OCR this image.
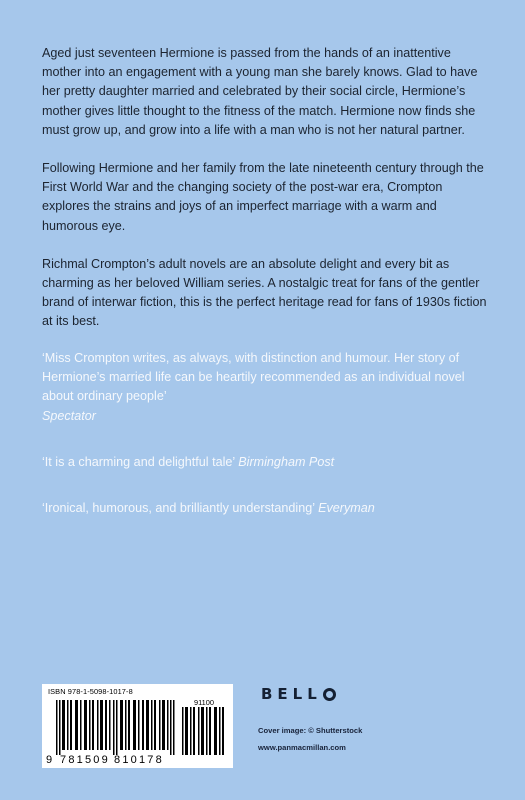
Aged just seventeen Hermione is passed from the hands of an inattentive mother into an engagement with a young man she barely knows. Glad to have her pretty daughter married and celebrated by their social circle, Hermione’s mother gives little thought to the fitness of the match. Hermione now finds she must grow up, and grow into a life with a man who is not her natural partner.

Following Hermione and her family from the late nineteenth century through the First World War and the changing society of the post-war era, Crompton explores the strains and joys of an imperfect marriage with a warm and humorous eye.

Richmal Crompton’s adult novels are an absolute delight and every bit as charming as her beloved William series. A nostalgic treat for fans of the gentler brand of interwar fiction, this is the perfect heritage read for fans of 1930s fiction at its best.

‘Miss Crompton writes, as always, with distinction and humour. Her story of Hermione’s married life can be heartily recommended as an individual novel about ordinary people’
Spectator
‘It is a charming and delightful tale’ Birmingham Post
‘Ironical, humorous, and brilliantly understanding’ Everyman
ISBN 978-1-5098-1017-8
91100
9 781509 810178
BELL
Cover image: © Shutterstock
www.panmacmillan.com
